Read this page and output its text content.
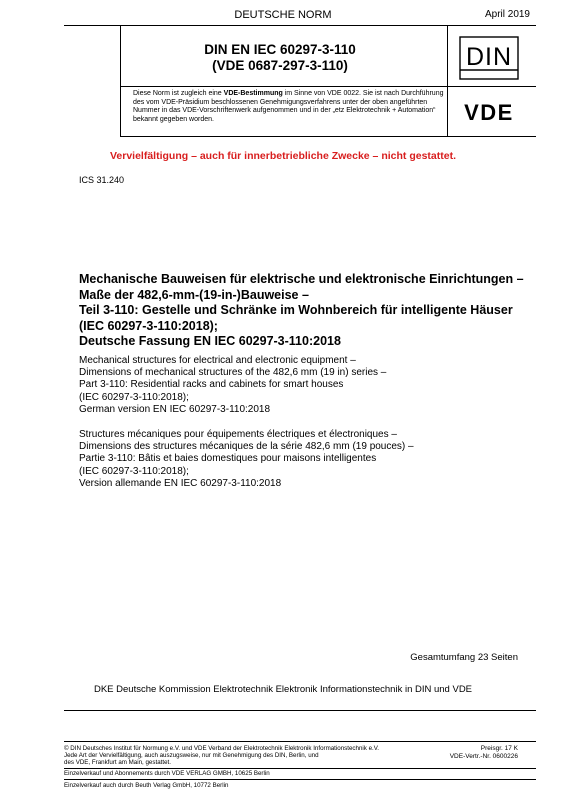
DEUTSCHE NORM	April 2019
DIN EN IEC 60297-3-110
(VDE 0687-297-3-110)	DIN
VDE
Diese Norm ist zugleich eine VDE-Bestimmung im Sinne von VDE 0022. Sie ist nach Durchführung des vom VDE-Präsidium beschlossenen Genehmigungsverfahrens unter der oben angeführten Nummer in das VDE-Vorschriftenwerk aufgenommen und in der „etz Elektrotechnik + Automation“ bekannt gegeben worden.
Vervielfältigung – auch für innerbetriebliche Zwecke – nicht gestattet.
ICS 31.240
Mechanische Bauweisen für elektrische und elektronische Einrichtungen –
Maße der 482,6-mm-(19-in-)Bauweise –
Teil 3-110: Gestelle und Schränke im Wohnbereich für intelligente Häuser
(IEC 60297-3-110:2018);
Deutsche Fassung EN IEC 60297-3-110:2018
Mechanical structures for electrical and electronic equipment –
Dimensions of mechanical structures of the 482,6 mm (19 in) series –
Part 3-110: Residential racks and cabinets for smart houses
(IEC 60297-3-110:2018);
German version EN IEC 60297-3-110:2018
Structures mécaniques pour équipements électriques et électroniques –
Dimensions des structures mécaniques de la série 482,6 mm (19 pouces) –
Partie 3-110: Bâtis et baies domestiques pour maisons intelligentes
(IEC 60297-3-110:2018);
Version allemande EN IEC 60297-3-110:2018
Gesamtumfang 23 Seiten
DKE Deutsche Kommission Elektrotechnik Elektronik Informationstechnik in DIN und VDE
© DIN Deutsches Institut für Normung e.V. und VDE Verband der Elektrotechnik Elektronik Informationstechnik e.V.
Jede Art der Vervielfältigung, auch auszugsweise, nur mit Genehmigung des DIN, Berlin, und
des VDE, Frankfurt am Main, gestattet.
Preisgr. 17 K
VDE-Vertr.-Nr. 0600226
Einzelverkauf und Abonnements durch VDE VERLAG GMBH, 10625 Berlin
Einzelverkauf auch durch Beuth Verlag GmbH, 10772 Berlin
